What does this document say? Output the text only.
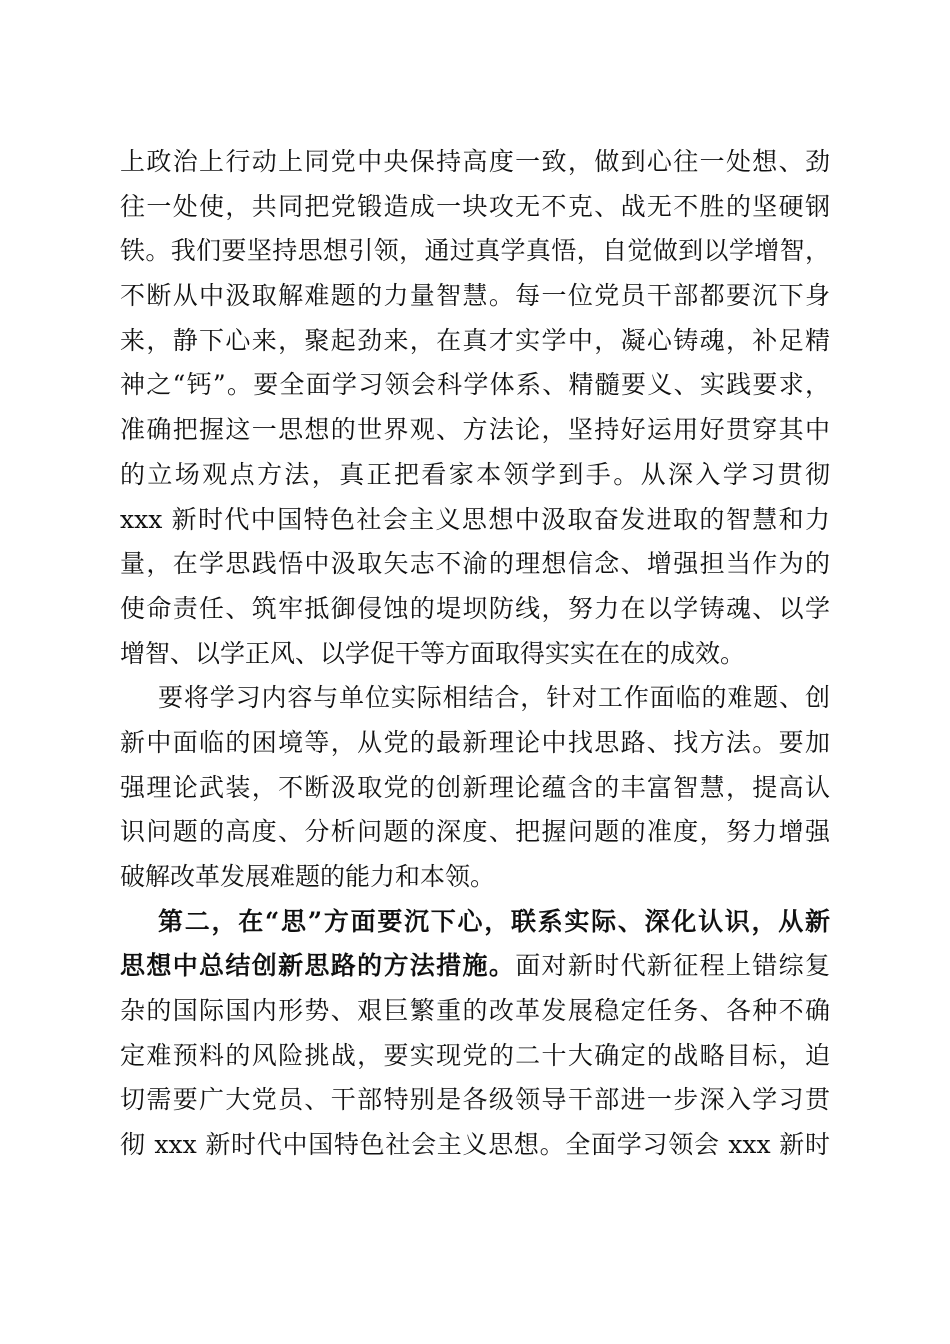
上政治上行动上同党中央保持高度一致，做到心往一处想、劲
往一处使，共同把党锻造成一块攻无不克、战无不胜的坚硬钢
铁。我们要坚持思想引领，通过真学真悟，自觉做到以学增智，
不断从中汲取解难题的力量智慧。每一位党员干部都要沉下身
来，静下心来，聚起劲来，在真才实学中，凝心铸魂，补足精
神之“钙”。要全面学习领会科学体系、精髓要义、实践要求，
准确把握这一思想的世界观、方法论，坚持好运用好贯穿其中
的立场观点方法，真正把看家本领学到手。从深入学习贯彻
xxx 新时代中国特色社会主义思想中汲取奋发进取的智慧和力
量，在学思践悟中汲取矢志不渝的理想信念、增强担当作为的
使命责任、筑牢抵御侵蚀的堤坝防线，努力在以学铸魂、以学
增智、以学正风、以学促干等方面取得实实在在的成效。
要将学习内容与单位实际相结合，针对工作面临的难题、创
新中面临的困境等，从党的最新理论中找思路、找方法。要加
强理论武装，不断汲取党的创新理论蕴含的丰富智慧，提高认
识问题的高度、分析问题的深度、把握问题的准度，努力增强
破解改革发展难题的能力和本领。
第二，在“思”方面要沉下心，联系实际、深化认识，从新
思想中总结创新思路的方法措施。面对新时代新征程上错综复
杂的国际国内形势、艰巨繁重的改革发展稳定任务、各种不确
定难预料的风险挑战，要实现党的二十大确定的战略目标，迫
切需要广大党员、干部特别是各级领导干部进一步深入学习贯
彻 xxx 新时代中国特色社会主义思想。全面学习领会 xxx 新时
